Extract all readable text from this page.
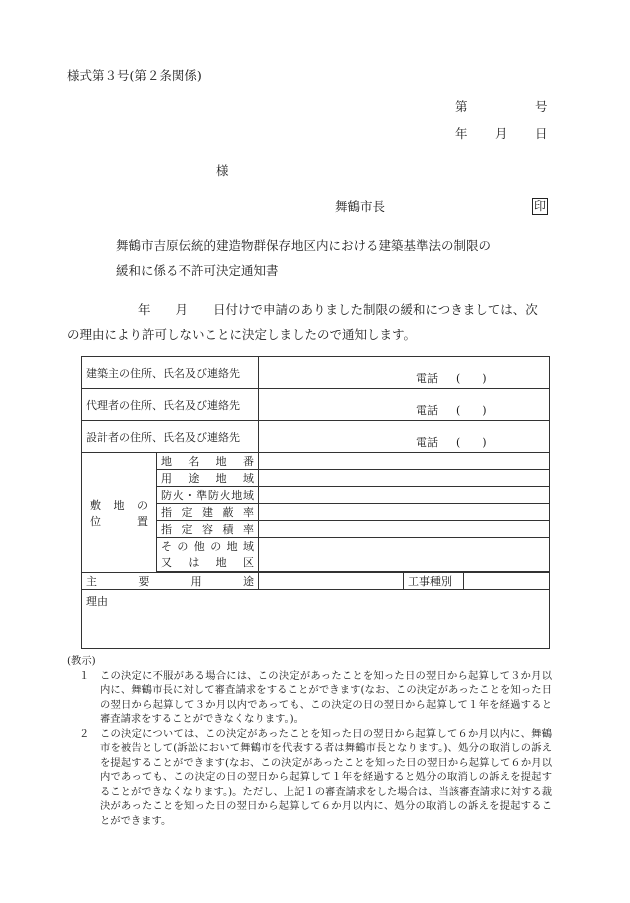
様式第３号(第２条関係)
第	号
年 月 日
様
舞鶴市長	印
舞鶴市吉原伝統的建造物群保存地区内における建築基準法の制限の
緩和に係る不許可決定通知書
年　　月　　日付けで申請のありました制限の緩和につきましては、次
の理由により許可しないことに決定しましたので通知します。
建築主の住所、氏名及び連絡先		電話 (　　)		
代理者の住所、氏名及び連絡先		電話 (　　)		
設計者の住所、氏名及び連絡先		電話 (　　)		

敷地の
位置	地名地番			
	用途地域			
	防火・準防火地域			
	指定建蔽率			
	指定容積率			

	その他の地域
又は地区			

主要用途			工事種別	
理由				
(教示)
１	この決定に不服がある場合には、この決定があったことを知った日の翌日から起算して３か月以内に、舞鶴市長に対して審査請求をすることができます(なお、この決定があったことを知った日の翌日から起算して３か月以内であっても、この決定の日の翌日から起算して１年を経過すると審査請求をすることができなくなります。)。
２	この決定については、この決定があったことを知った日の翌日から起算して６か月以内に、舞鶴市を被告として(訴訟において舞鶴市を代表する者は舞鶴市長となります。)、処分の取消しの訴えを提起することができます(なお、この決定があったことを知った日の翌日から起算して６か月以内であっても、この決定の日の翌日から起算して１年を経過すると処分の取消しの訴えを提起することができなくなります。)。ただし、上記１の審査請求をした場合は、当該審査請求に対する裁決があったことを知った日の翌日から起算して６か月以内に、処分の取消しの訴えを提起することができます。
